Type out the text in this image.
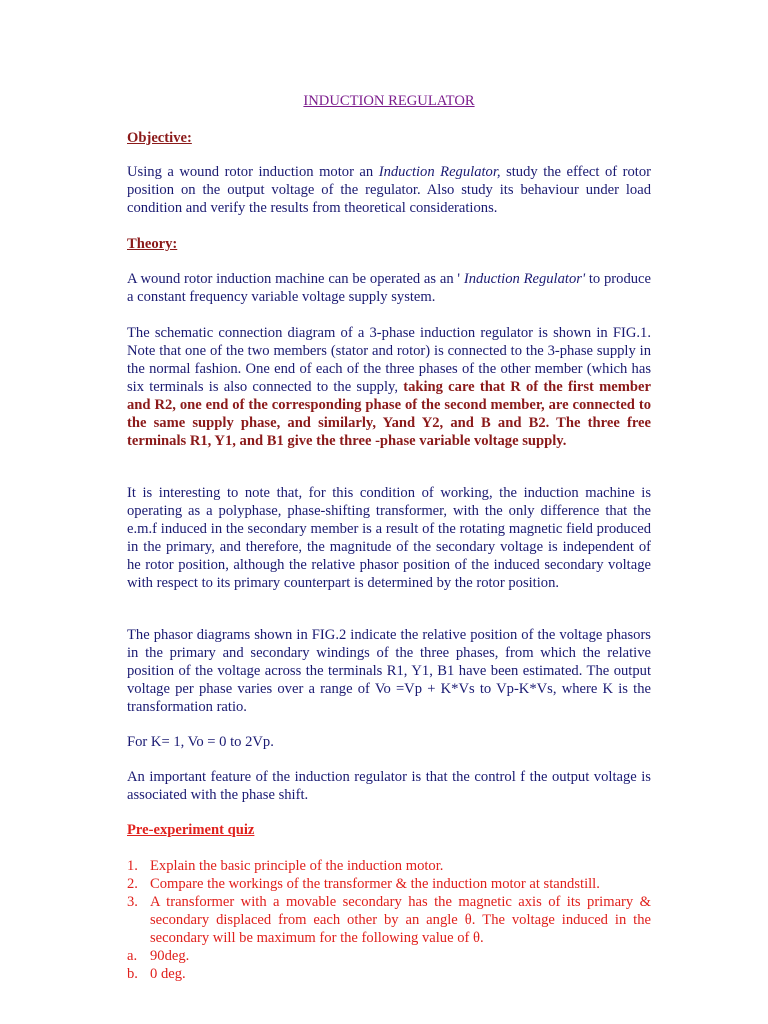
INDUCTION REGULATOR
Objective:

Using a wound rotor induction motor an Induction Regulator, study the effect of rotor position on the output voltage of the regulator. Also study its behaviour under load condition and verify the results from theoretical considerations.

Theory:

A wound rotor induction machine can be operated as an ' Induction Regulator' to produce a constant frequency variable voltage supply system.

The schematic connection diagram of a 3-phase induction regulator is shown in FIG.1. Note that one of the two members (stator and rotor) is connected to the 3-phase supply in the normal fashion. One end of each of the three phases of the other member (which has six terminals is also connected to the supply, taking care that R of the first member and R2, one end of the corresponding phase of the second member, are connected to the same supply phase, and similarly, Yand Y2, and B and B2. The three free terminals R1, Y1, and B1 give the three -phase variable voltage supply.

It is interesting to note that, for this condition of working, the induction machine is operating as a polyphase, phase-shifting transformer, with the only difference that the e.m.f induced in the secondary member is a result of the rotating magnetic field produced in the primary, and therefore, the magnitude of the secondary voltage is independent of he rotor position, although the relative phasor position of the induced secondary voltage with respect to its primary counterpart is determined by the rotor position.

The phasor diagrams shown in FIG.2 indicate the relative position of the voltage phasors in the primary and secondary windings of the three phases, from which the relative position of the voltage across the terminals R1, Y1, B1 have been estimated. The output voltage per phase varies over a range of Vo =Vp + K*Vs to Vp-K*Vs, where K is the transformation ratio.

For K= 1, Vo = 0 to 2Vp.

An important feature of the induction regulator is that the control f the output voltage is associated with the phase shift.

Pre-experiment quiz
1. Explain the basic principle of the induction motor.
2. Compare the workings of the transformer & the induction motor at standstill.
3. A transformer with a movable secondary has the magnetic axis of its primary & secondary displaced from each other by an angle θ. The voltage induced in the secondary will be maximum for the following value of θ.
a. 90deg.
b. 0 deg.
